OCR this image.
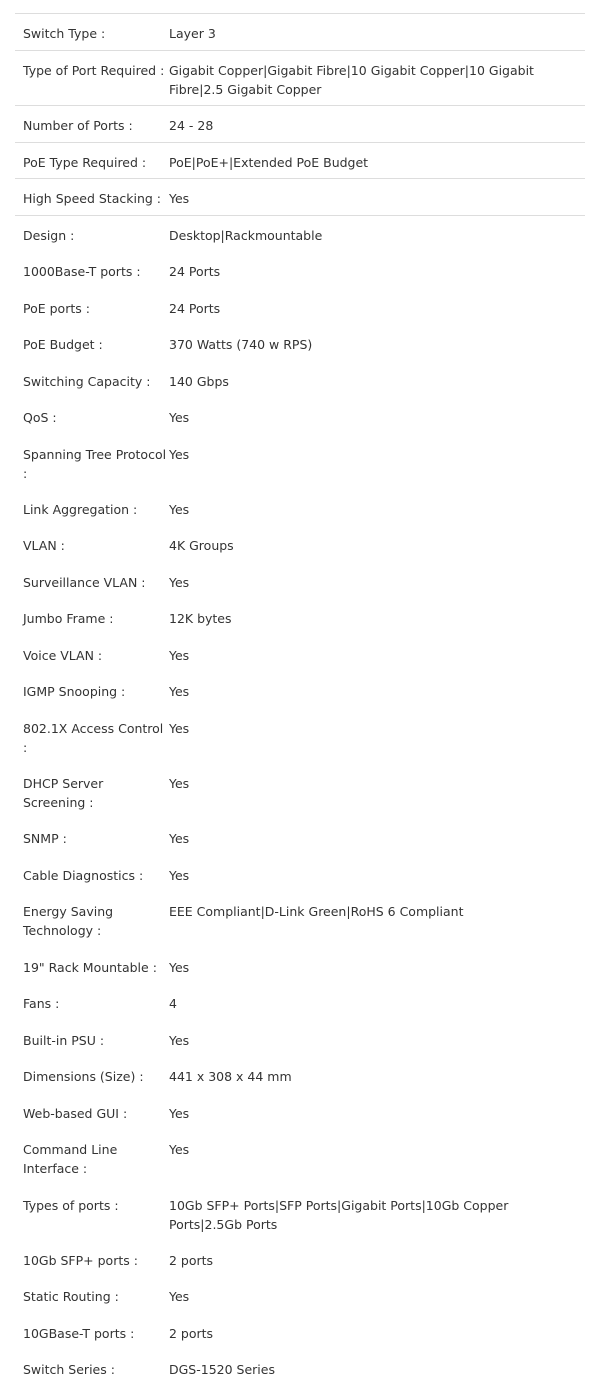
Switch Type :	Layer 3
Type of Port Required : Gigabit Copper|Gigabit Fibre|10 Gigabit Copper|10 Gigabit Fibre|2.5 Gigabit Copper
Number of Ports :	24 - 28
PoE Type Required :	PoE|PoE+|Extended PoE Budget
High Speed Stacking : Yes
Design :	Desktop|Rackmountable
1000Base-T ports :	24 Ports
PoE ports :	24 Ports
PoE Budget :	370 Watts (740 w RPS)
Switching Capacity :	140 Gbps
QoS :	Yes
Spanning Tree Protocol :
Yes
Link Aggregation :	Yes
VLAN :	4K Groups
Surveillance VLAN :	Yes
Jumbo Frame :	12K bytes
Voice VLAN :	Yes
IGMP Snooping :	Yes
802.1X Access Control :
Yes
DHCP Server Screening :
Yes
SNMP :	Yes
Cable Diagnostics :	Yes
Energy Saving Technology :
EEE Compliant|D-Link Green|RoHS 6 Compliant
19" Rack Mountable : Yes
Fans :	4
Built-in PSU :	Yes
Dimensions (Size) :	441 x 308 x 44 mm
Web-based GUI :	Yes
Command Line Interface :
Yes
Types of ports :	10Gb SFP+ Ports|SFP Ports|Gigabit Ports|10Gb Copper Ports|2.5Gb Ports
10Gb SFP+ ports :	2 ports
Static Routing :	Yes
10GBase-T ports :	2 ports
Switch Series :	DGS-1520 Series
